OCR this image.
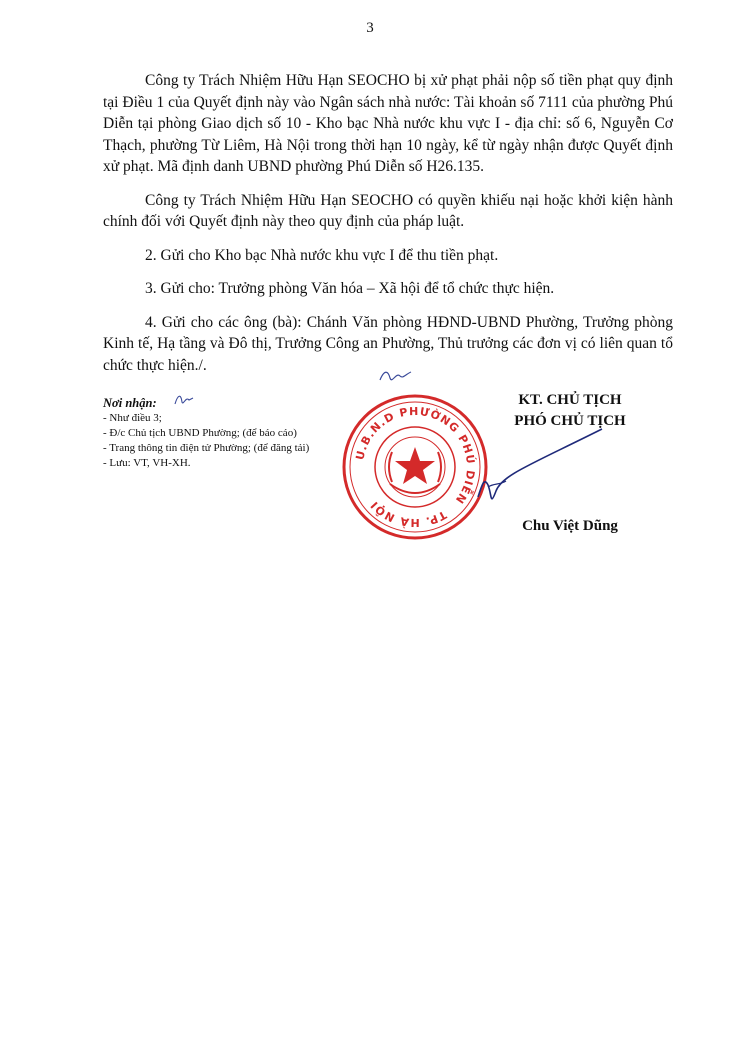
3

Công ty Trách Nhiệm Hữu Hạn SEOCHO bị xử phạt phải nộp số tiền phạt quy định tại Điều 1 của Quyết định này vào Ngân sách nhà nước: Tài khoản số 7111 của phường Phú Diễn tại phòng Giao dịch số 10 - Kho bạc Nhà nước khu vực I - địa chỉ: số 6, Nguyễn Cơ Thạch, phường Từ Liêm, Hà Nội trong thời hạn 10 ngày, kể từ ngày nhận được Quyết định xử phạt. Mã định danh UBND phường Phú Diễn số H26.135.

Công ty Trách Nhiệm Hữu Hạn SEOCHO có quyền khiếu nại hoặc khởi kiện hành chính đối với Quyết định này theo quy định của pháp luật.

2. Gửi cho Kho bạc Nhà nước khu vực I để thu tiền phạt.

3. Gửi cho: Trưởng phòng Văn hóa – Xã hội để tổ chức thực hiện.

4. Gửi cho các ông (bà): Chánh Văn phòng HĐND-UBND Phường, Trưởng phòng Kinh tế, Hạ tầng và Đô thị, Trưởng Công an Phường, Thủ trưởng các đơn vị có liên quan tổ chức thực hiện./.

Nơi nhận:
- Như điều 3;
- Đ/c Chủ tịch UBND Phường; (để báo cáo)
- Trang thông tin điện tử Phường; (để đăng tải)
- Lưu: VT, VH-XH.
U.B.N.D PHƯỜNG PHÚ DIỄN   TP. HÀ NỘI
KT. CHỦ TỊCH
PHÓ CHỦ TỊCH
Chu Việt Dũng
